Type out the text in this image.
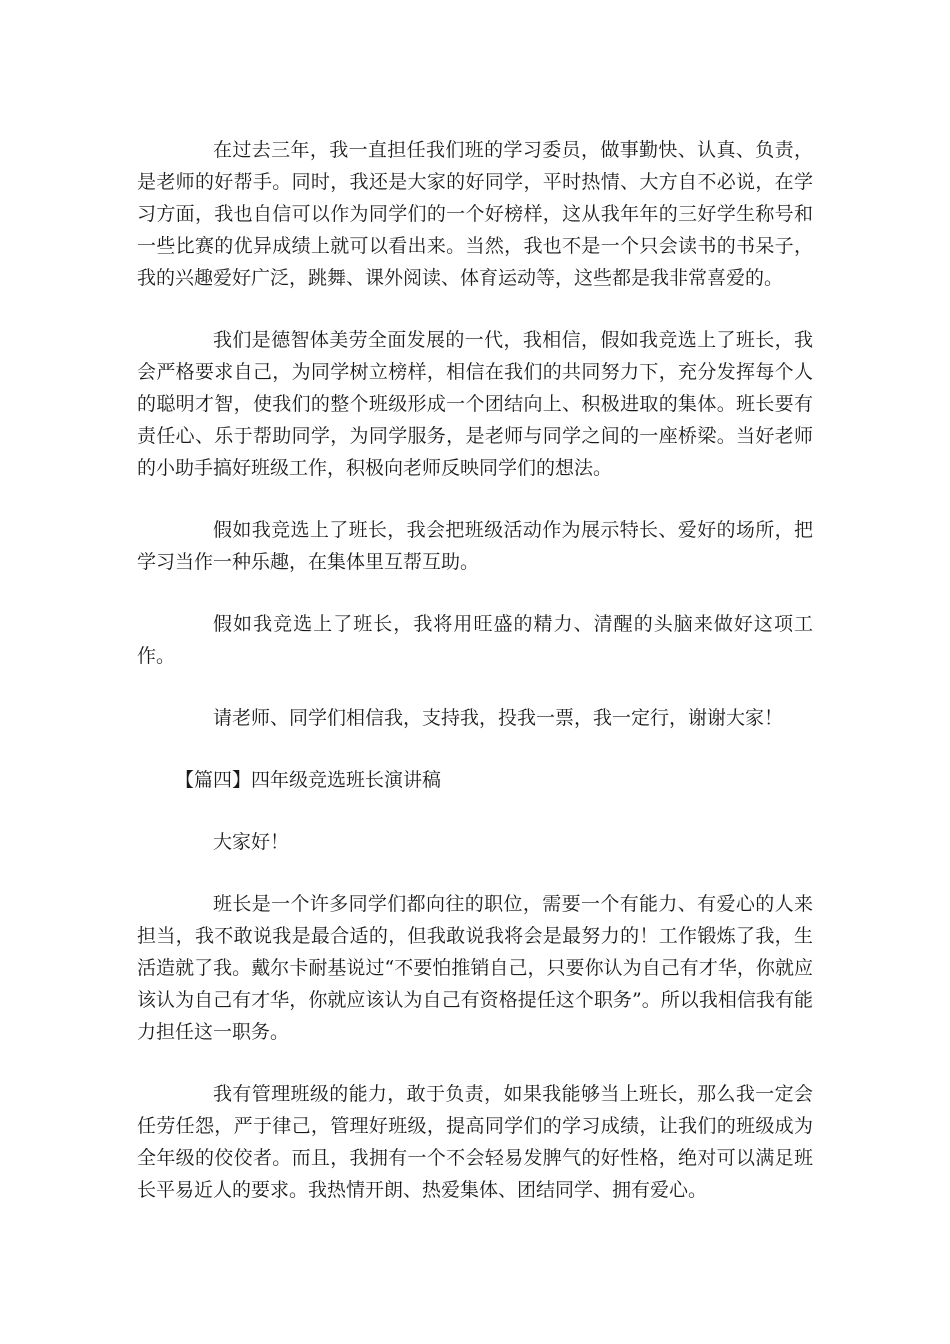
在过去三年，我一直担任我们班的学习委员，做事勤快、认真、负责，是老师的好帮手。同时，我还是大家的好同学，平时热情、大方自不必说，在学习方面，我也自信可以作为同学们的一个好榜样，这从我年年的三好学生称号和一些比赛的优异成绩上就可以看出来。当然，我也不是一个只会读书的书呆子，我的兴趣爱好广泛，跳舞、课外阅读、体育运动等，这些都是我非常喜爱的。

我们是德智体美劳全面发展的一代，我相信，假如我竞选上了班长，我会严格要求自己，为同学树立榜样，相信在我们的共同努力下，充分发挥每个人的聪明才智，使我们的整个班级形成一个团结向上、积极进取的集体。班长要有责任心、乐于帮助同学，为同学服务，是老师与同学之间的一座桥梁。当好老师的小助手搞好班级工作，积极向老师反映同学们的想法。

假如我竞选上了班长，我会把班级活动作为展示特长、爱好的场所，把学习当作一种乐趣，在集体里互帮互助。

假如我竞选上了班长，我将用旺盛的精力、清醒的头脑来做好这项工作。

请老师、同学们相信我，支持我，投我一票，我一定行，谢谢大家！

【篇四】四年级竞选班长演讲稿

大家好！

班长是一个许多同学们都向往的职位，需要一个有能力、有爱心的人来担当，我不敢说我是最合适的，但我敢说我将会是最努力的！工作锻炼了我，生活造就了我。戴尔卡耐基说过“不要怕推销自己，只要你认为自己有才华，你就应该认为自己有才华，你就应该认为自己有资格提任这个职务”。所以我相信我有能力担任这一职务。

我有管理班级的能力，敢于负责，如果我能够当上班长，那么我一定会任劳任怨，严于律己，管理好班级，提高同学们的学习成绩，让我们的班级成为全年级的佼佼者。而且，我拥有一个不会轻易发脾气的好性格，绝对可以满足班长平易近人的要求。我热情开朗、热爱集体、团结同学、拥有爱心。
